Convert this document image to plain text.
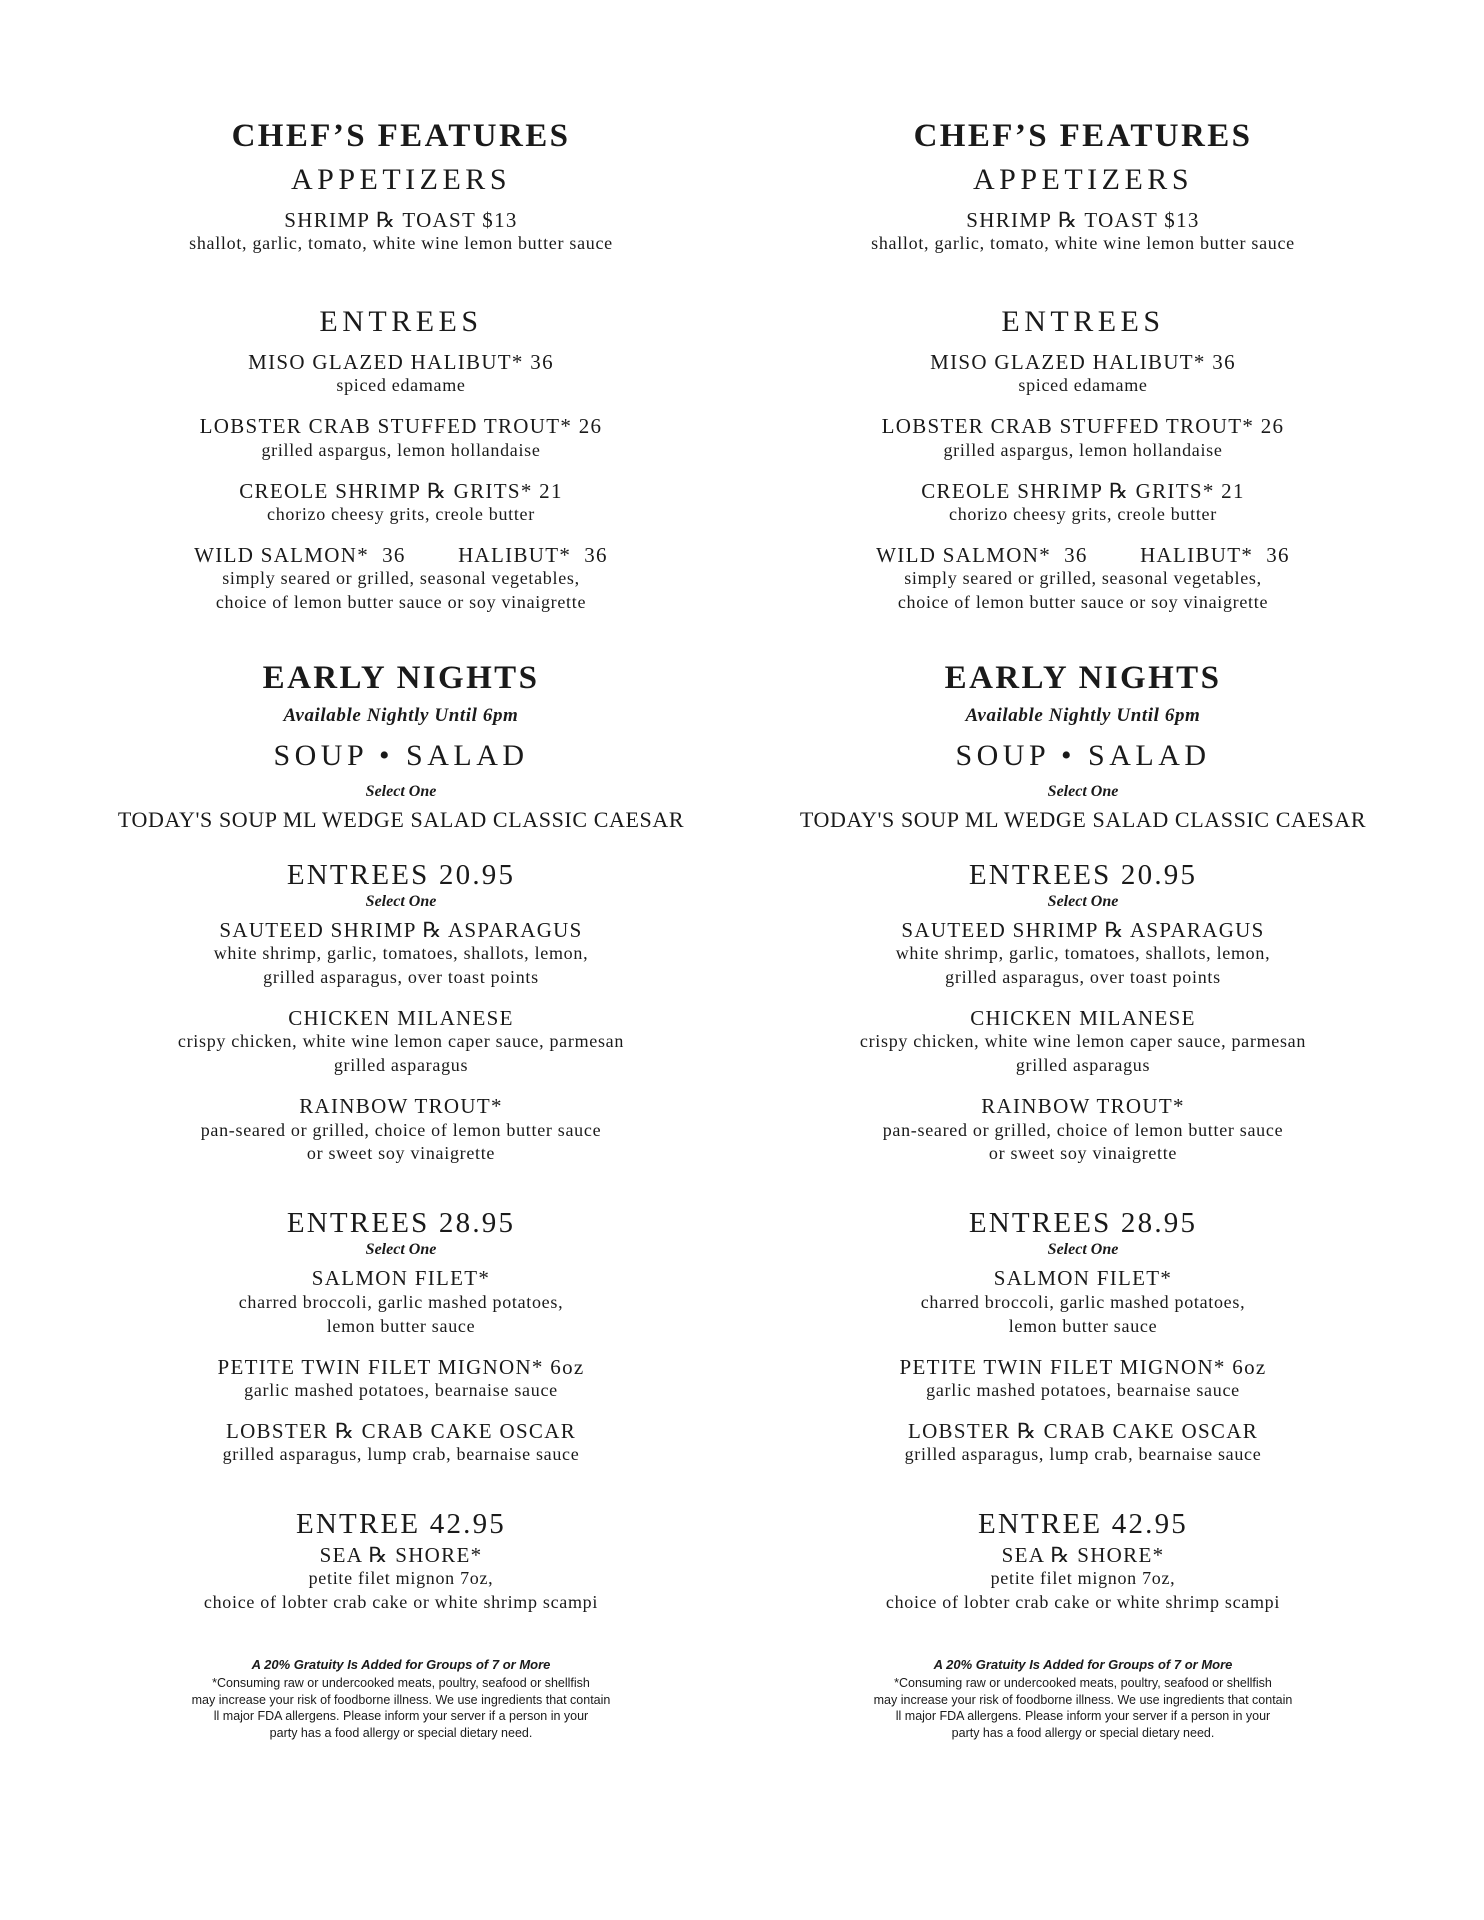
CHEF’S FEATURES
APPETIZERS
SHRIMP ℞ TOAST $13
shallot, garlic, tomato, white wine lemon butter sauce
ENTREES
MISO GLAZED HALIBUT* 36
spiced edamame
LOBSTER CRAB STUFFED TROUT* 26
grilled aspargus, lemon hollandaise
CREOLE SHRIMP ℞ GRITS* 21
chorizo cheesy grits, creole butter
WILD SALMON*  36        HALIBUT*  36
simply seared or grilled, seasonal vegetables,
choice of lemon butter sauce or soy vinaigrette
EARLY NIGHTS
Available Nightly Until 6pm
SOUP • SALAD
Select One
TODAY'S SOUP ML WEDGE SALAD CLASSIC CAESAR
ENTREES 20.95
Select One
SAUTEED SHRIMP ℞ ASPARAGUS
white shrimp, garlic, tomatoes, shallots, lemon,
grilled asparagus, over toast points
CHICKEN MILANESE
crispy chicken, white wine lemon caper sauce, parmesan
grilled asparagus
RAINBOW TROUT*
pan-seared or grilled, choice of lemon butter sauce
or sweet soy vinaigrette
ENTREES 28.95
Select One
SALMON FILET*
charred broccoli, garlic mashed potatoes,
lemon butter sauce
PETITE TWIN FILET MIGNON* 6oz
garlic mashed potatoes, bearnaise sauce
LOBSTER ℞ CRAB CAKE OSCAR
grilled asparagus, lump crab, bearnaise sauce
ENTREE 42.95
SEA ℞ SHORE*
petite filet mignon 7oz,
choice of lobter crab cake or white shrimp scampi
A 20% Gratuity Is Added for Groups of 7 or More
*Consuming raw or undercooked meats, poultry, seafood or shellfish
may increase your risk of foodborne illness. We use ingredients that contain
ll major FDA allergens. Please inform your server if a person in your
party has a food allergy or special dietary need.
CHEF’S FEATURES
APPETIZERS
SHRIMP ℞ TOAST $13
shallot, garlic, tomato, white wine lemon butter sauce
ENTREES
MISO GLAZED HALIBUT* 36
spiced edamame
LOBSTER CRAB STUFFED TROUT* 26
grilled aspargus, lemon hollandaise
CREOLE SHRIMP ℞ GRITS* 21
chorizo cheesy grits, creole butter
WILD SALMON*  36        HALIBUT*  36
simply seared or grilled, seasonal vegetables,
choice of lemon butter sauce or soy vinaigrette
EARLY NIGHTS
Available Nightly Until 6pm
SOUP • SALAD
Select One
TODAY'S SOUP ML WEDGE SALAD CLASSIC CAESAR
ENTREES 20.95
Select One
SAUTEED SHRIMP ℞ ASPARAGUS
white shrimp, garlic, tomatoes, shallots, lemon,
grilled asparagus, over toast points
CHICKEN MILANESE
crispy chicken, white wine lemon caper sauce, parmesan
grilled asparagus
RAINBOW TROUT*
pan-seared or grilled, choice of lemon butter sauce
or sweet soy vinaigrette
ENTREES 28.95
Select One
SALMON FILET*
charred broccoli, garlic mashed potatoes,
lemon butter sauce
PETITE TWIN FILET MIGNON* 6oz
garlic mashed potatoes, bearnaise sauce
LOBSTER ℞ CRAB CAKE OSCAR
grilled asparagus, lump crab, bearnaise sauce
ENTREE 42.95
SEA ℞ SHORE*
petite filet mignon 7oz,
choice of lobter crab cake or white shrimp scampi
A 20% Gratuity Is Added for Groups of 7 or More
*Consuming raw or undercooked meats, poultry, seafood or shellfish
may increase your risk of foodborne illness. We use ingredients that contain
ll major FDA allergens. Please inform your server if a person in your
party has a food allergy or special dietary need.
